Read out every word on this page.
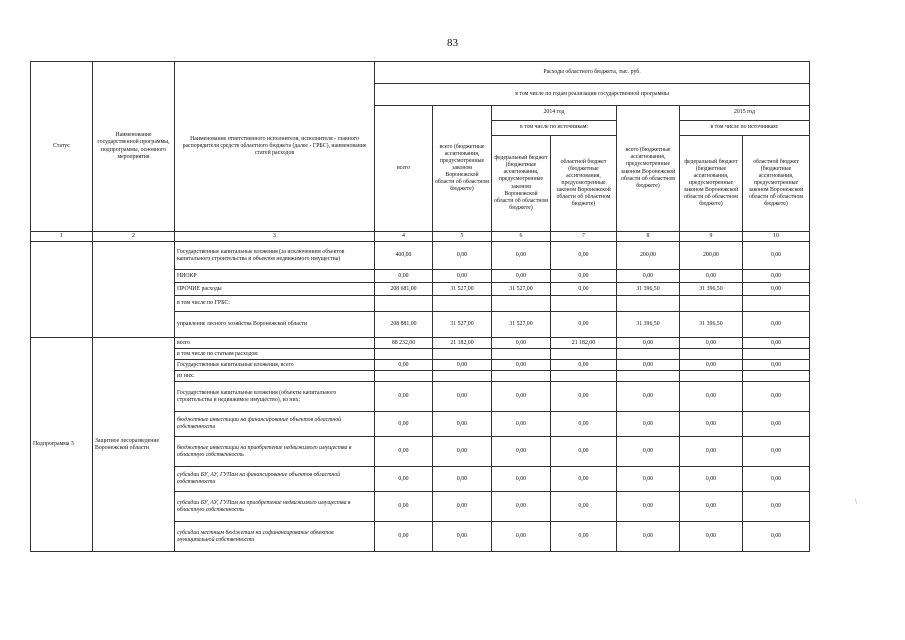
83
Статус	Наименование государственной программы, подпрограммы, основного мероприятия	Наименование ответственного исполнителя, исполнителя - главного распорядителя средств областного бюджета (далее - ГРБС), наименование статей расходов	Расходы областного бюджета, тыс. руб.						
			в том числе по годам реализации государственной программы						
			всего	всего (бюджетные ассигнования, предусмотренные законом Воронежской области об областном бюджете)	2014 год		всего (бюджетные ассигнования, предусмотренные законом Воронежской области об областном бюджете)	2015 год	
					в том числе по источникам:			в том числе по источникам:	
					федеральный бюджет (бюджетные ассигнования, предусмотренные законом Воронежской области об областном бюджете)	областной бюджет (бюджетные ассигнования, предусмотренные законом Воронежской области об областном бюджете)		федеральный бюджет (бюджетные ассигнования, предусмотренные законом Воронежской области об областном бюджете)	областной бюджет (бюджетные ассигнования, предусмотренные законом Воронежской области об областном бюджете)
1	2	3	4	5	6	7	8	9	10
		Государственные капитальные вложения (за исключением объектов капитального строительства и объектов недвижимого имущества)	400,00	0,00	0,00	0,00	200,00	200,00	0,00
		НИОКР	0,00	0,00	0,00	0,00	0,00	0,00	0,00
		ПРОЧИЕ расходы	208 681,00	31 527,00	31 527,00	0,00	31 396,50	31 396,50	0,00
		в том числе по ГРБС:							
		управление лесного хозяйства Воронежской области	208 881,00	31 527,00	31 527,00	0,00	31 396,50	31 396,50	0,00
Подпрограмма 3	Защитное лесоразведение Воронежской области	всего	88 232,00	21 182,00	0,00	21 182,00	0,00	0,00	0,00
		в том числе по статьям расходов:							
		Государственные капитальные вложения, всего	0,00	0,00	0,00	0,00	0,00	0,00	0,00
		из них:							
		Государственные капитальные вложения (объекты капитального строительства и недвижимое имущество), из них:	0,00	0,00	0,00	0,00	0,00	0,00	0,00
		бюджетные инвестиции на финансирование объектов областной собственности	0,00	0,00	0,00	0,00	0,00	0,00	0,00
		бюджетные инвестиции на приобретение недвижимого имущества в областную собственность	0,00	0,00	0,00	0,00	0,00	0,00	0,00
		субсидии БУ, АУ, ГУПам на финансирование объектов областной собственности	0,00	0,00	0,00	0,00	0,00	0,00	0,00
		субсидии БУ, АУ, ГУПам на приобретение недвижимого имущества в областную собственность	0,00	0,00	0,00	0,00	0,00	0,00	0,00
		субсидии местным бюджетам на софинансирование объектов муниципальной собственности	0,00	0,00	0,00	0,00	0,00	0,00	0,00
\
